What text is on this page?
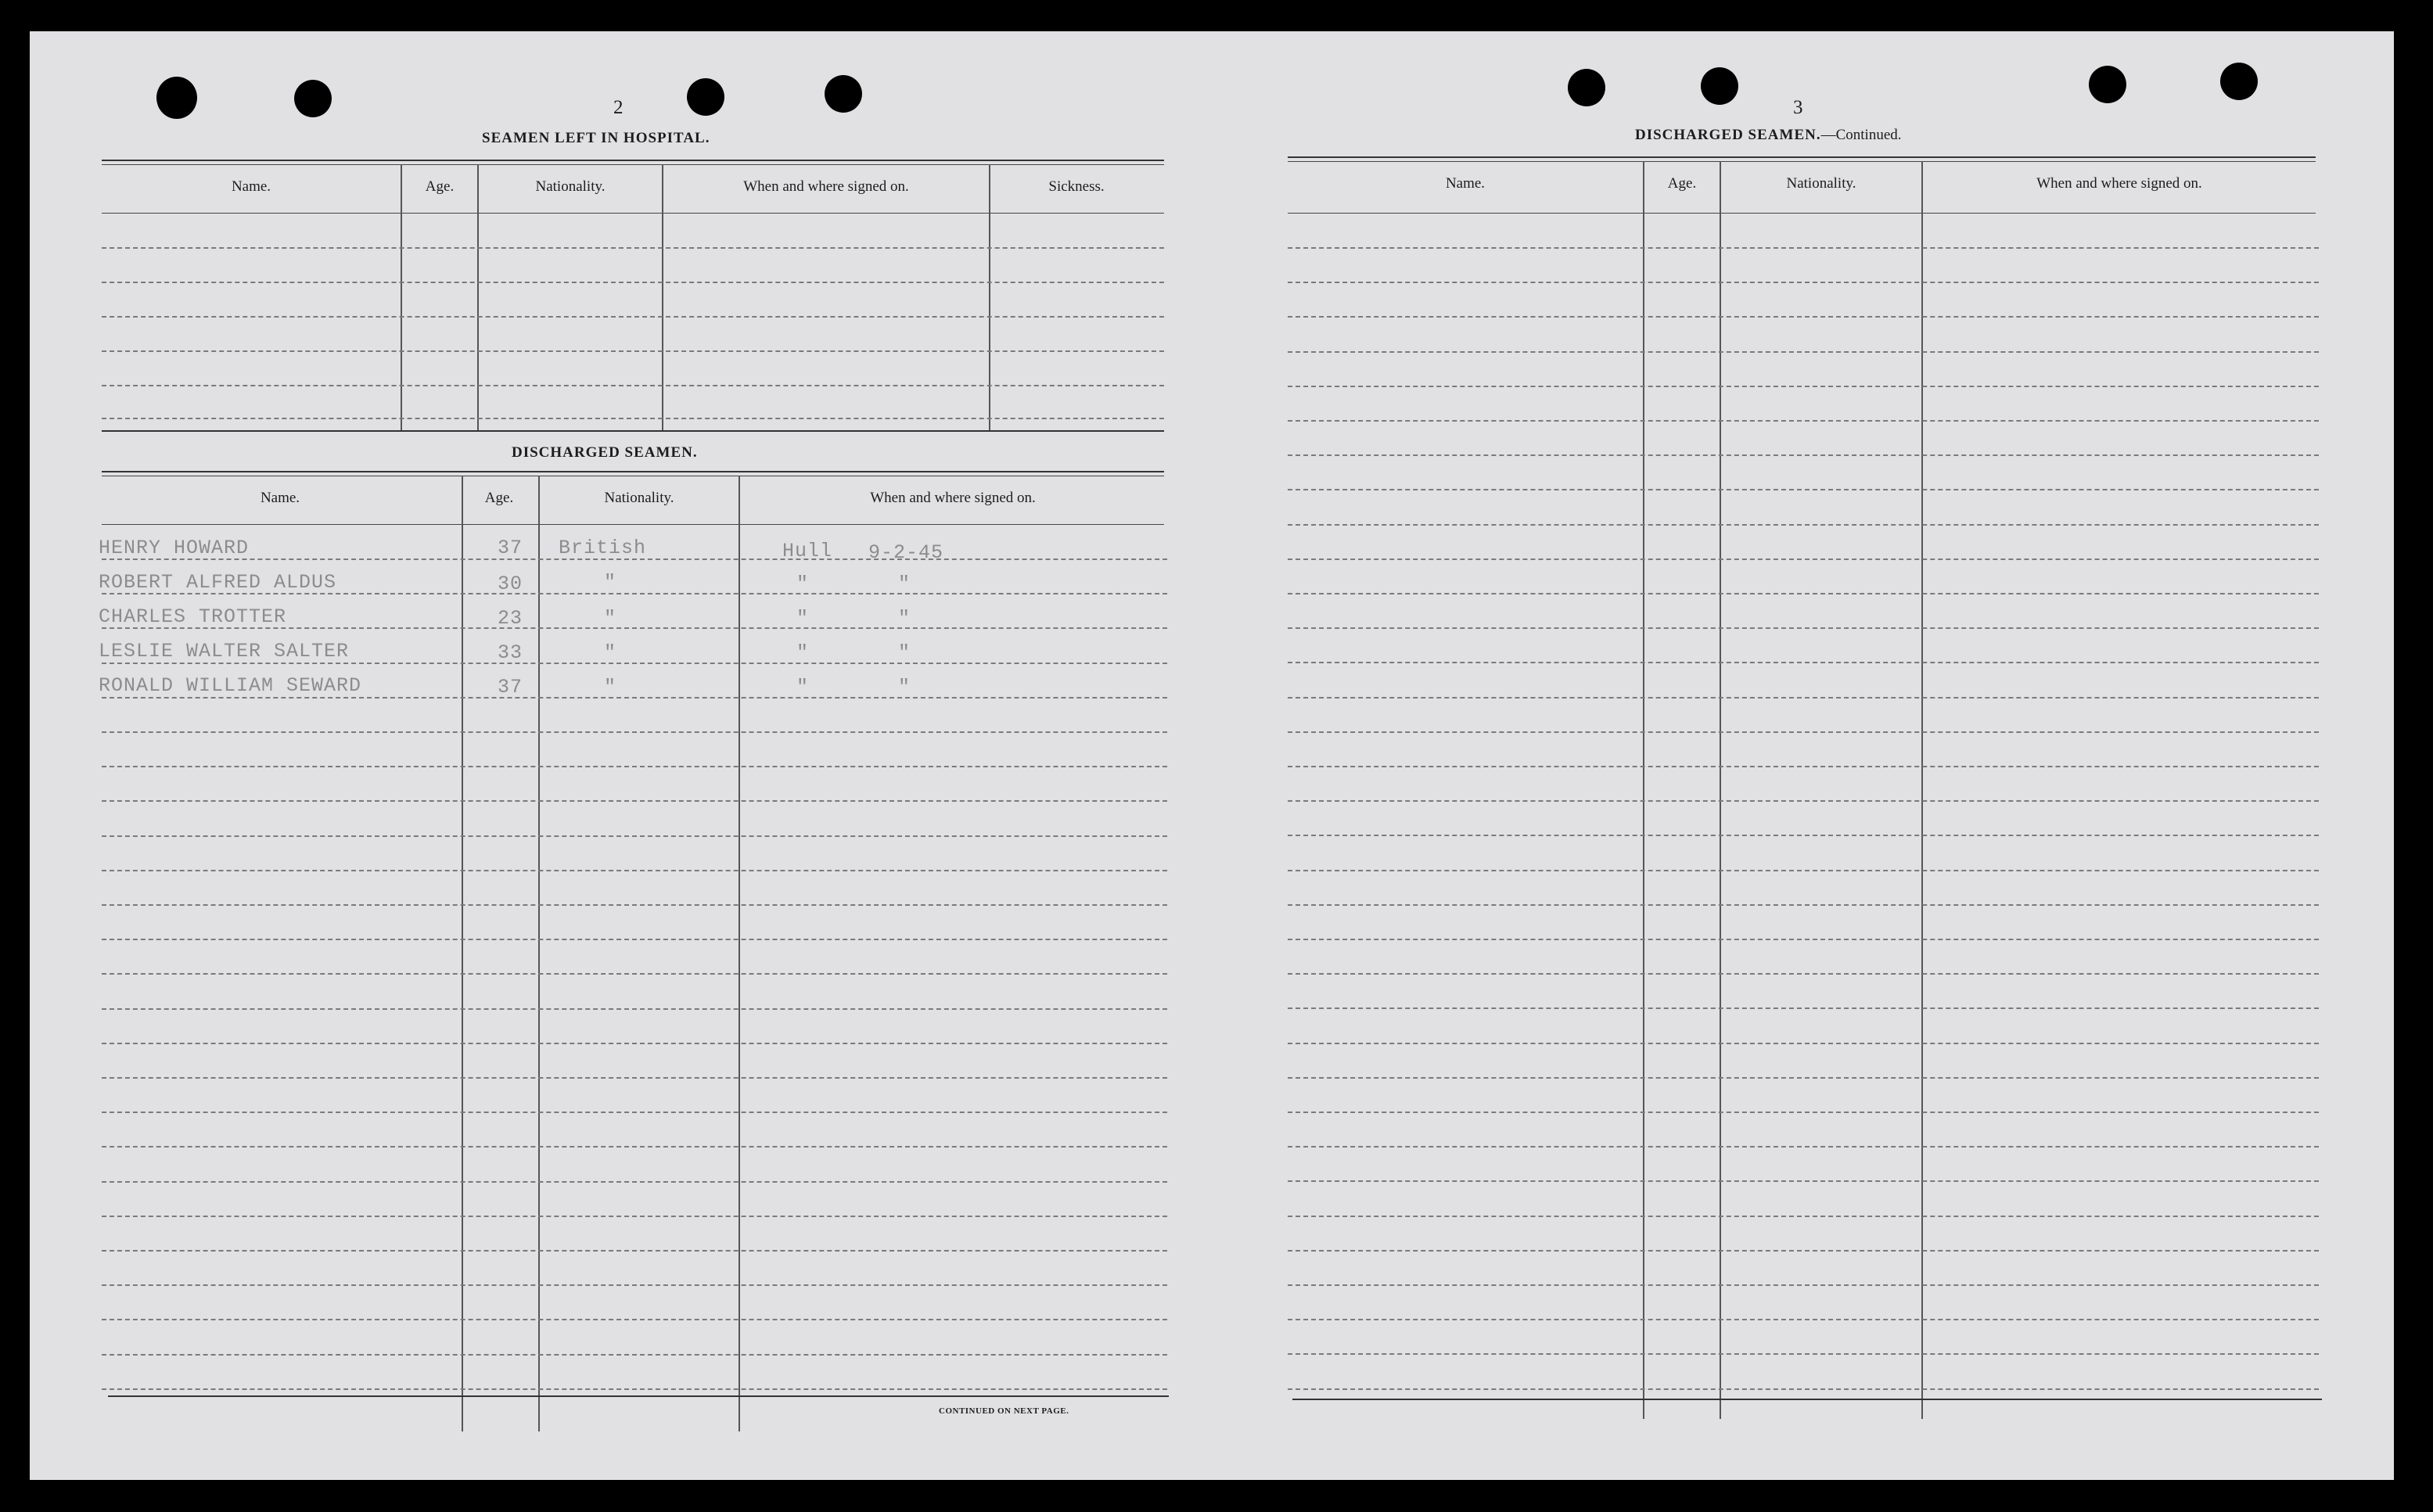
2
SEAMEN LEFT IN HOSPITAL.
Name.	Age.	Nationality.	When and where signed on.	Sickness.
DISCHARGED SEAMEN.
Name.	Age.	Nationality.	When and where signed on.
HENRY HOWARD	37 British	Hull 9-2-45
ROBERT ALFRED ALDUS	30	"	"	"
CHARLES TROTTER	23	"	"	"
LESLIE WALTER SALTER	33	"	"	"
RONALD WILLIAM SEWARD	37	"	"	"
CONTINUED ON NEXT PAGE.
3
DISCHARGED SEAMEN.—Continued.
Name.	Age.	Nationality.	When and where signed on.
